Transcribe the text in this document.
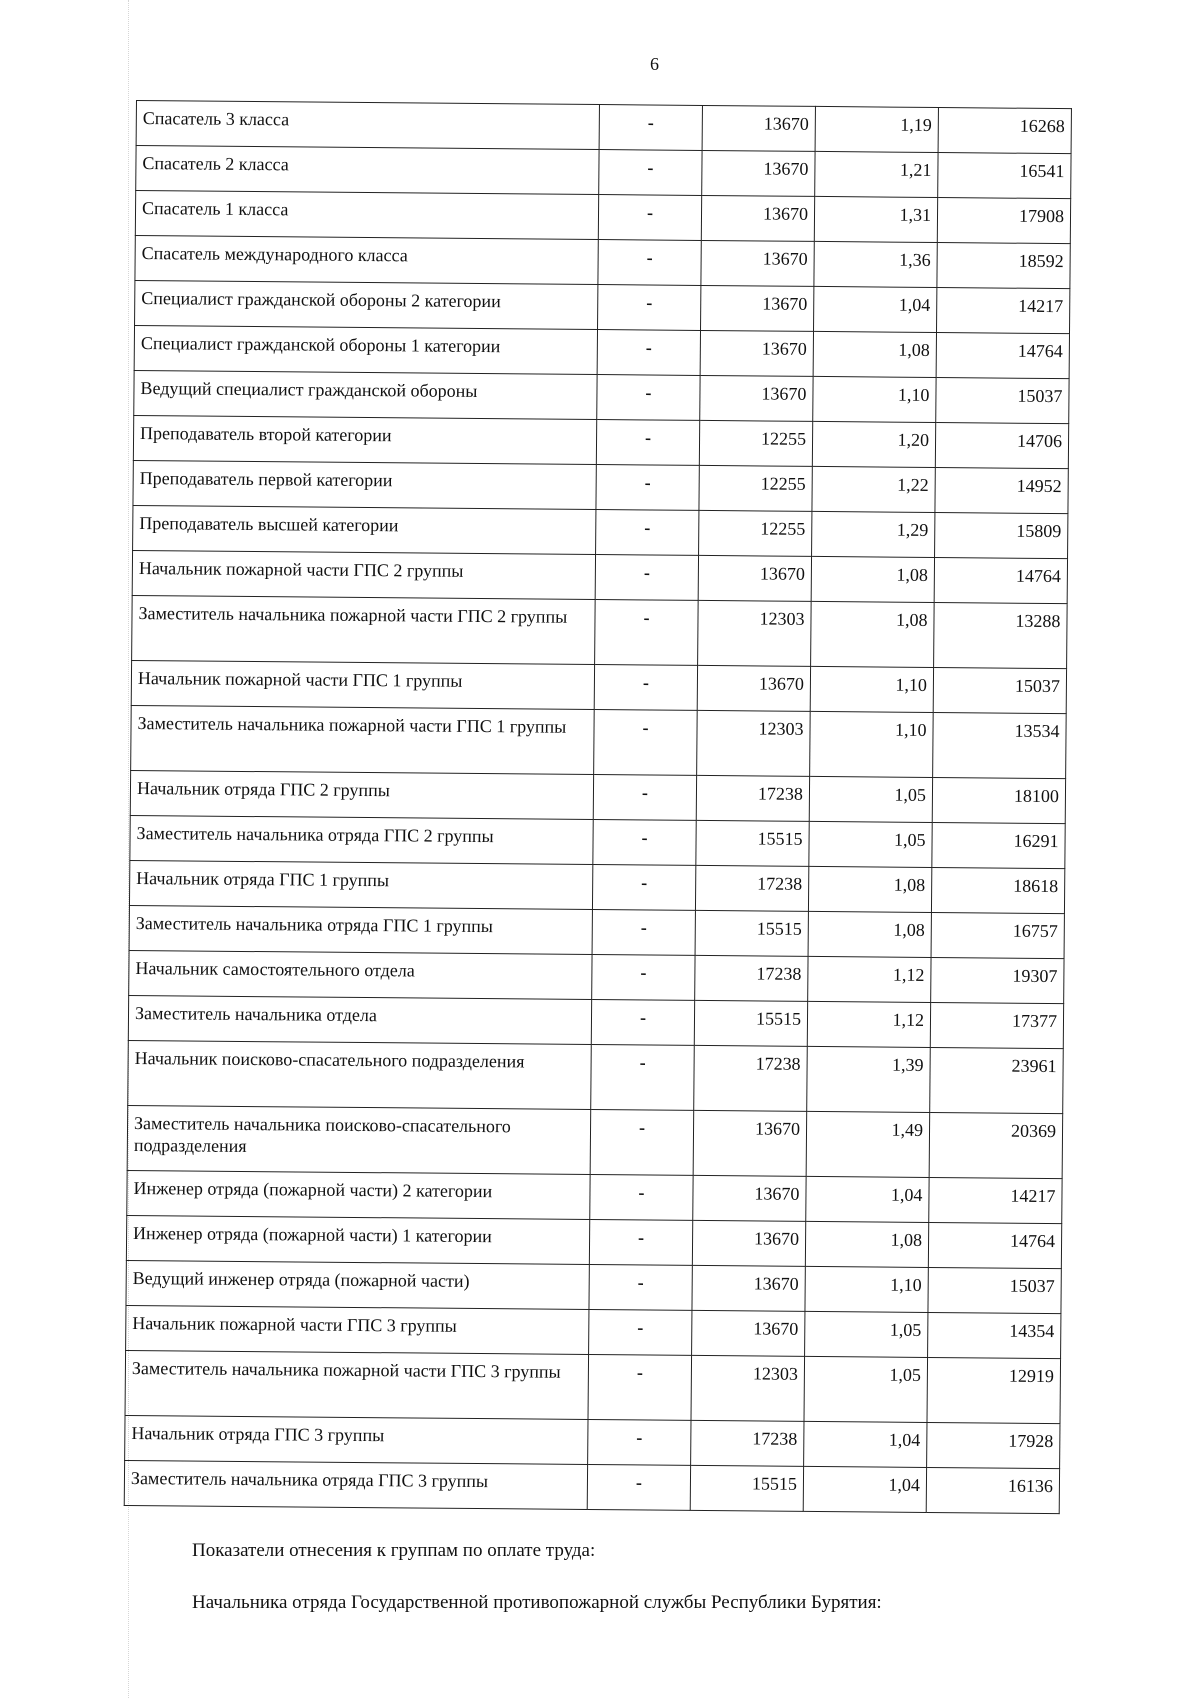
6
Спасатель 3 класса	-	13670	1,19	16268
Спасатель 2 класса	-	13670	1,21	16541
Спасатель 1 класса	-	13670	1,31	17908
Спасатель международного класса	-	13670	1,36	18592
Специалист гражданской обороны 2 категории	-	13670	1,04	14217
Специалист гражданской обороны 1 категории	-	13670	1,08	14764
Ведущий специалист гражданской обороны	-	13670	1,10	15037
Преподаватель второй категории	-	12255	1,20	14706
Преподаватель первой категории	-	12255	1,22	14952
Преподаватель высшей категории	-	12255	1,29	15809
Начальник пожарной части ГПС 2 группы	-	13670	1,08	14764
Заместитель начальника пожарной части ГПС 2 группы	-	12303	1,08	13288
Начальник пожарной части ГПС 1 группы	-	13670	1,10	15037
Заместитель начальника пожарной части ГПС 1 группы	-	12303	1,10	13534
Начальник отряда ГПС 2 группы	-	17238	1,05	18100
Заместитель начальника отряда ГПС 2 группы	-	15515	1,05	16291
Начальник отряда ГПС 1 группы	-	17238	1,08	18618
Заместитель начальника отряда ГПС 1 группы	-	15515	1,08	16757
Начальник самостоятельного отдела	-	17238	1,12	19307
Заместитель начальника отдела	-	15515	1,12	17377
Начальник поисково-спасательного подразделения	-	17238	1,39	23961
Заместитель начальника поисково-спасательного подразделения	-	13670	1,49	20369
Инженер отряда (пожарной части) 2 категории	-	13670	1,04	14217
Инженер отряда (пожарной части) 1 категории	-	13670	1,08	14764
Ведущий инженер отряда (пожарной части)	-	13670	1,10	15037
Начальник пожарной части ГПС 3 группы	-	13670	1,05	14354
Заместитель начальника пожарной части ГПС 3 группы	-	12303	1,05	12919
Начальник отряда ГПС 3 группы	-	17238	1,04	17928
Заместитель начальника отряда ГПС 3 группы	-	15515	1,04	16136
Показатели отнесения к группам по оплате труда:
Начальника отряда Государственной противопожарной службы Республики Бурятия:
